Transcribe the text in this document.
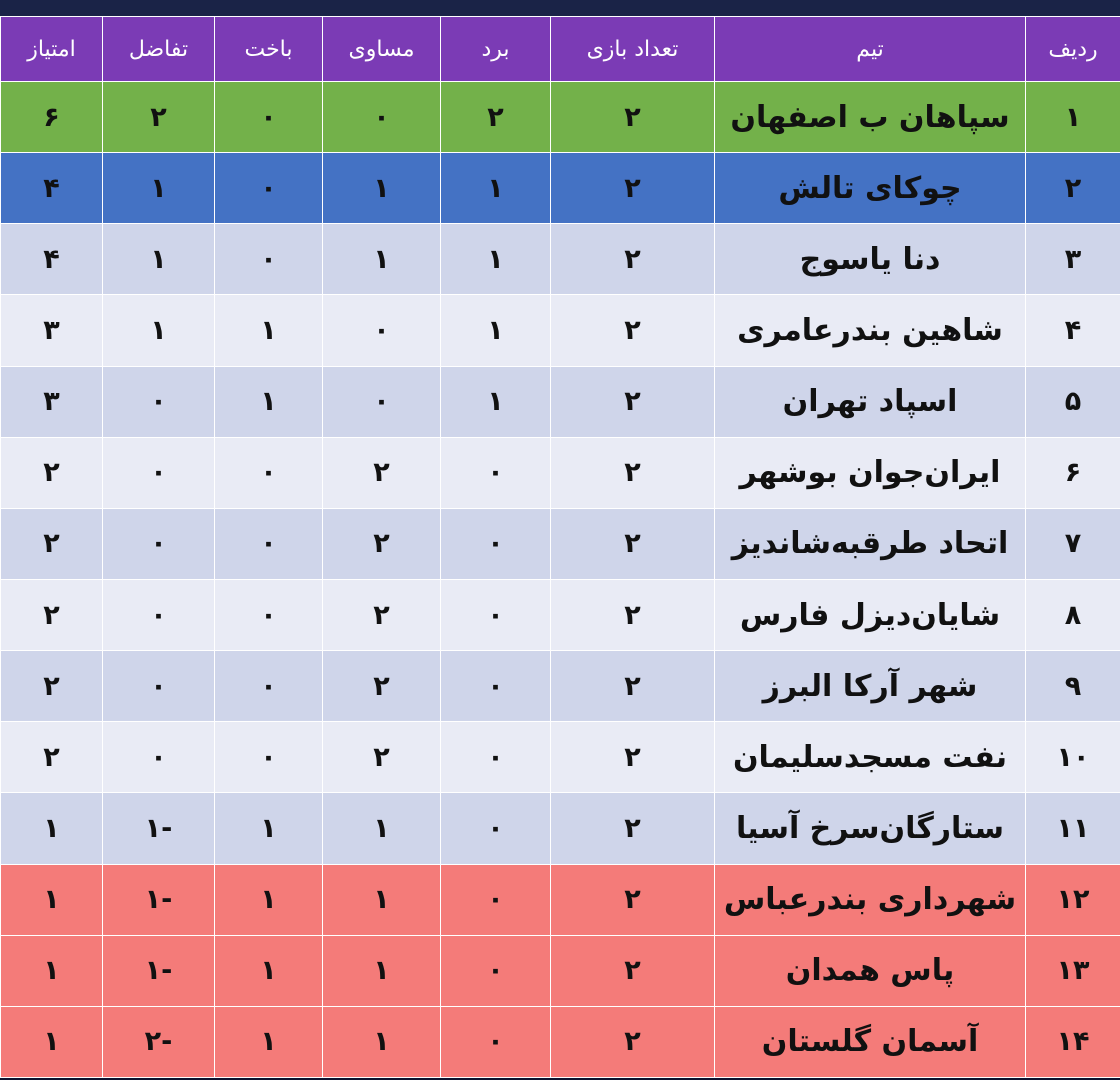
ردیف	تیم	تعداد بازی	برد	مساوی	باخت	تفاضل	امتیاز
۱	سپاهان ب اصفهان	۲	۲	۰	۰	۲	۶
۲	چوکای تالش	۲	۱	۱	۰	۱	۴
۳	دنا یاسوج	۲	۱	۱	۰	۱	۴
۴	شاهین بندرعامری	۲	۱	۰	۱	۱	۳
۵	اسپاد تهران	۲	۱	۰	۱	۰	۳
۶	ایران‌جوان بوشهر	۲	۰	۲	۰	۰	۲
۷	اتحاد طرقبه‌شاندیز	۲	۰	۲	۰	۰	۲
۸	شایان‌دیزل فارس	۲	۰	۲	۰	۰	۲
۹	شهر آرکا البرز	۲	۰	۲	۰	۰	۲
۱۰	نفت مسجدسلیمان	۲	۰	۲	۰	۰	۲
۱۱	ستارگان‌سرخ آسیا	۲	۰	۱	۱	-۱	۱
۱۲	شهرداری بندرعباس	۲	۰	۱	۱	-۱	۱
۱۳	پاس همدان	۲	۰	۱	۱	-۱	۱
۱۴	آسمان گلستان	۲	۰	۱	۱	-۲	۱
